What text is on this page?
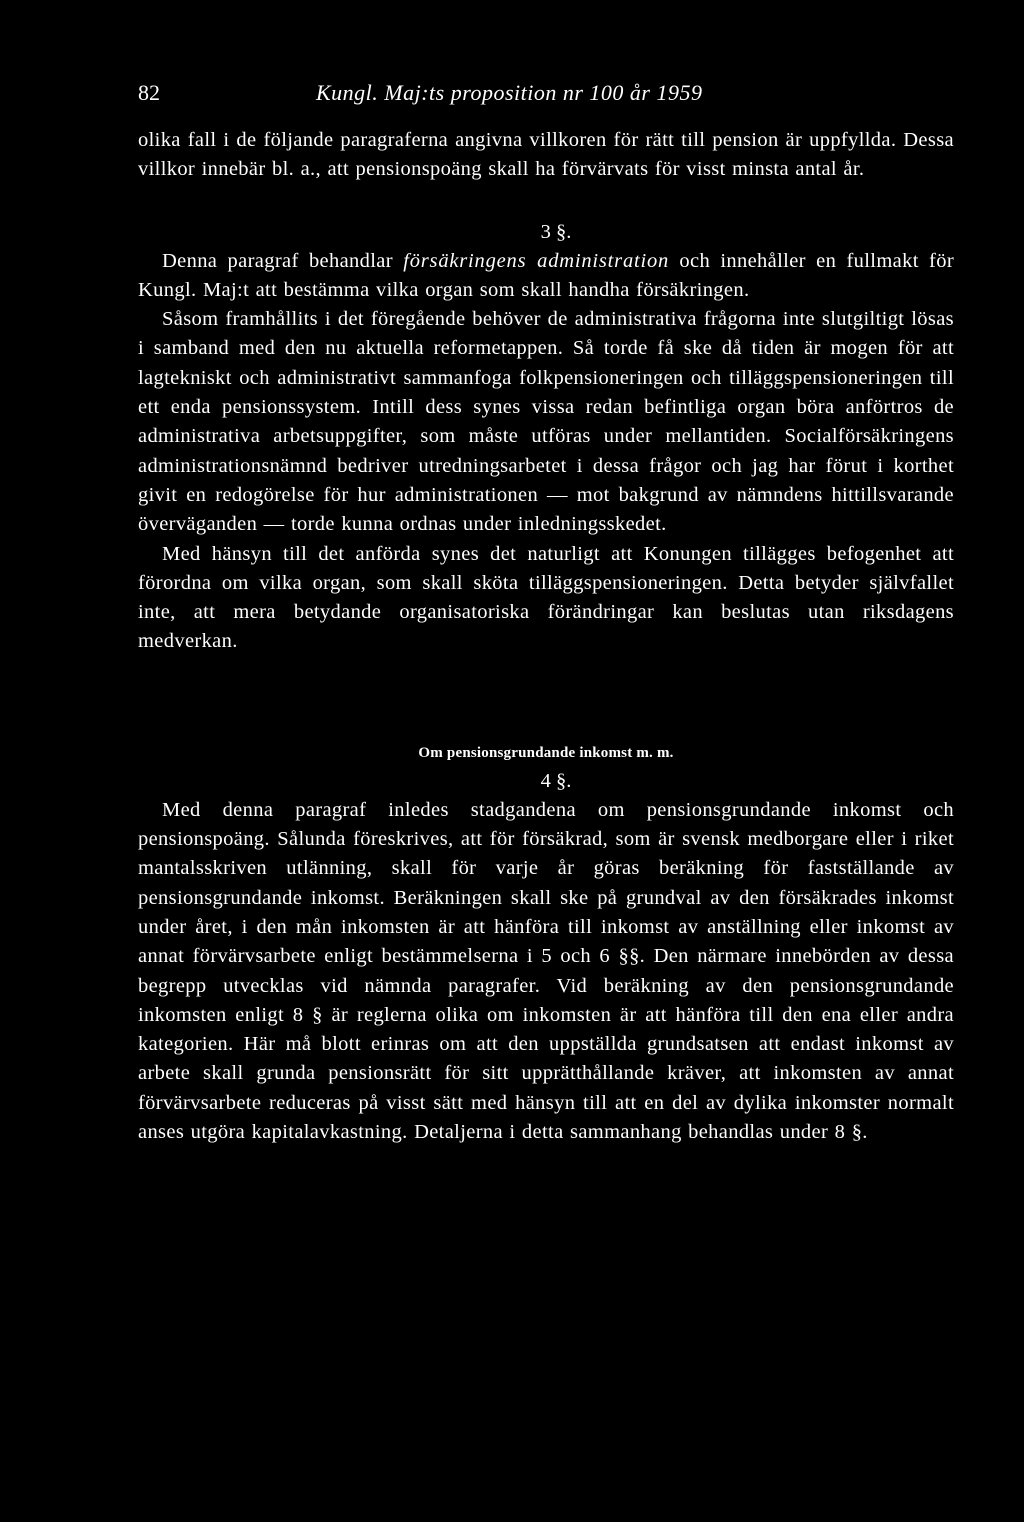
82	Kungl. Maj:ts proposition nr 100 år 1959

olika fall i de följande paragraferna angivna villkoren för rätt till pension är uppfyllda. Dessa villkor innebär bl. a., att pensionspoäng skall ha förvärvats för visst minsta antal år.

3 §.

Denna paragraf behandlar försäkringens administration och innehåller en fullmakt för Kungl. Maj:t att bestämma vilka organ som skall handha försäkringen.

Såsom framhållits i det föregående behöver de administrativa frågorna inte slutgiltigt lösas i samband med den nu aktuella reformetappen. Så torde få ske då tiden är mogen för att lagtekniskt och administrativt sammanfoga folkpensioneringen och tilläggspensioneringen till ett enda pensionssystem. Intill dess synes vissa redan befintliga organ böra anförtros de administrativa arbetsuppgifter, som måste utföras under mellantiden. Socialförsäkringens administrationsnämnd bedriver utredningsarbetet i dessa frågor och jag har förut i korthet givit en redogörelse för hur administrationen — mot bakgrund av nämndens hittillsvarande överväganden — torde kunna ordnas under inledningsskedet.

Med hänsyn till det anförda synes det naturligt att Konungen tillägges befogenhet att förordna om vilka organ, som skall sköta tilläggspensioneringen. Detta betyder självfallet inte, att mera betydande organisatoriska förändringar kan beslutas utan riksdagens medverkan.

Om pensionsgrundande inkomst m. m.
4 §.

Med denna paragraf inledes stadgandena om pensionsgrundande inkomst och pensionspoäng. Sålunda föreskrives, att för försäkrad, som är svensk medborgare eller i riket mantalsskriven utlänning, skall för varje år göras beräkning för fastställande av pensionsgrundande inkomst. Beräkningen skall ske på grundval av den försäkrades inkomst under året, i den mån inkomsten är att hänföra till inkomst av anställning eller inkomst av annat förvärvsarbete enligt bestämmelserna i 5 och 6 §§. Den närmare innebörden av dessa begrepp utvecklas vid nämnda paragrafer. Vid beräkning av den pensionsgrundande inkomsten enligt 8 § är reglerna olika om inkomsten är att hänföra till den ena eller andra kategorien. Här må blott erinras om att den uppställda grundsatsen att endast inkomst av arbete skall grunda pensionsrätt för sitt upprätthållande kräver, att inkomsten av annat förvärvsarbete reduceras på visst sätt med hänsyn till att en del av dylika inkomster normalt anses utgöra kapitalavkastning. Detaljerna i detta sammanhang behandlas under 8 §.
